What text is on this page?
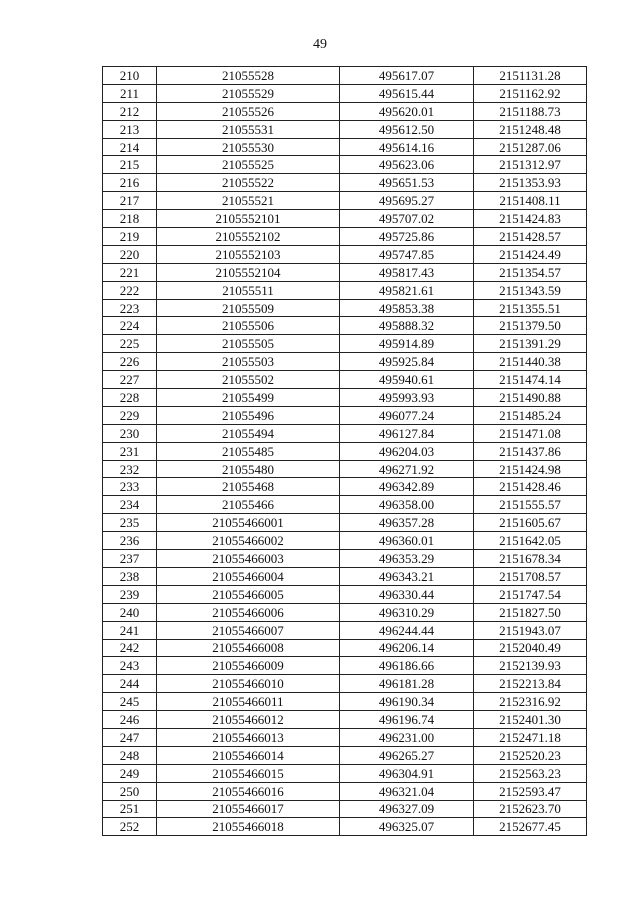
49
210	21055528	495617.07	2151131.28
211	21055529	495615.44	2151162.92
212	21055526	495620.01	2151188.73
213	21055531	495612.50	2151248.48
214	21055530	495614.16	2151287.06
215	21055525	495623.06	2151312.97
216	21055522	495651.53	2151353.93
217	21055521	495695.27	2151408.11
218	2105552101	495707.02	2151424.83
219	2105552102	495725.86	2151428.57
220	2105552103	495747.85	2151424.49
221	2105552104	495817.43	2151354.57
222	21055511	495821.61	2151343.59
223	21055509	495853.38	2151355.51
224	21055506	495888.32	2151379.50
225	21055505	495914.89	2151391.29
226	21055503	495925.84	2151440.38
227	21055502	495940.61	2151474.14
228	21055499	495993.93	2151490.88
229	21055496	496077.24	2151485.24
230	21055494	496127.84	2151471.08
231	21055485	496204.03	2151437.86
232	21055480	496271.92	2151424.98
233	21055468	496342.89	2151428.46
234	21055466	496358.00	2151555.57
235	21055466001	496357.28	2151605.67
236	21055466002	496360.01	2151642.05
237	21055466003	496353.29	2151678.34
238	21055466004	496343.21	2151708.57
239	21055466005	496330.44	2151747.54
240	21055466006	496310.29	2151827.50
241	21055466007	496244.44	2151943.07
242	21055466008	496206.14	2152040.49
243	21055466009	496186.66	2152139.93
244	21055466010	496181.28	2152213.84
245	21055466011	496190.34	2152316.92
246	21055466012	496196.74	2152401.30
247	21055466013	496231.00	2152471.18
248	21055466014	496265.27	2152520.23
249	21055466015	496304.91	2152563.23
250	21055466016	496321.04	2152593.47
251	21055466017	496327.09	2152623.70
252	21055466018	496325.07	2152677.45
